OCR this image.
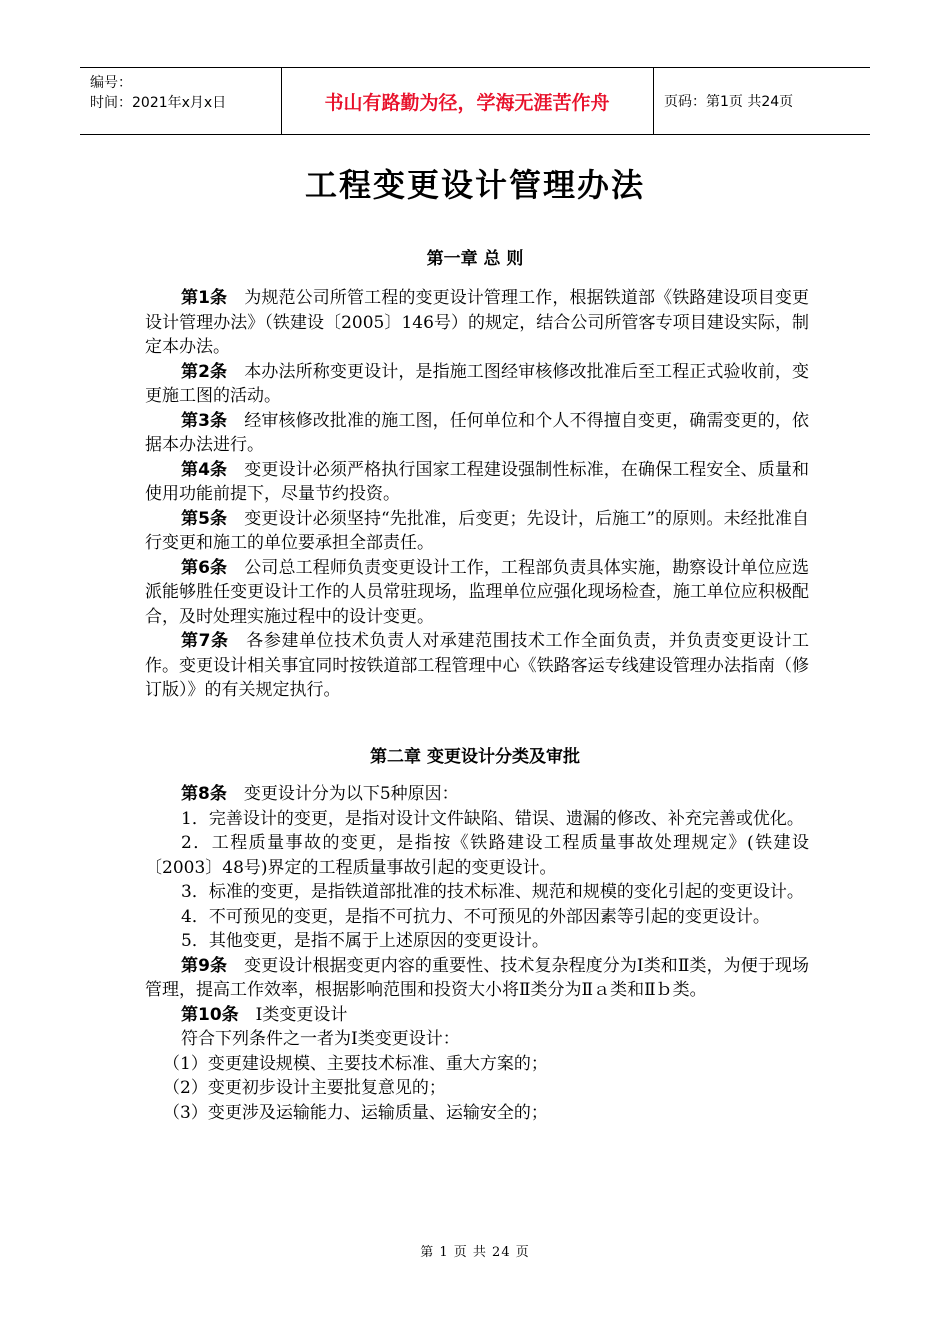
编号：
时间：2021年x月x日	书山有路勤为径，学海无涯苦作舟	页码：第1页 共24页
工程变更设计管理办法
第一章 总 则

第1条  为规范公司所管工程的变更设计管理工作，根据铁道部《铁路建设项目变更设计管理办法》（铁建设〔2005〕146号）的规定，结合公司所管客专项目建设实际，制定本办法。

第2条  本办法所称变更设计，是指施工图经审核修改批准后至工程正式验收前，变更施工图的活动。

第3条  经审核修改批准的施工图，任何单位和个人不得擅自变更，确需变更的，依据本办法进行。

第4条  变更设计必须严格执行国家工程建设强制性标准，在确保工程安全、质量和使用功能前提下，尽量节约投资。

第5条  变更设计必须坚持“先批准，后变更；先设计，后施工”的原则。未经批准自行变更和施工的单位要承担全部责任。

第6条  公司总工程师负责变更设计工作，工程部负责具体实施，勘察设计单位应选派能够胜任变更设计工作的人员常驻现场，监理单位应强化现场检查，施工单位应积极配合，及时处理实施过程中的设计变更。

第7条  各参建单位技术负责人对承建范围技术工作全面负责，并负责变更设计工作。变更设计相关事宜同时按铁道部工程管理中心《铁路客运专线建设管理办法指南（修订版）》的有关规定执行。

第二章 变更设计分类及审批

第8条  变更设计分为以下5种原因：

1．完善设计的变更，是指对设计文件缺陷、错误、遗漏的修改、补充完善或优化。

2．工程质量事故的变更，是指按《铁路建设工程质量事故处理规定》(铁建设〔2003〕48号)界定的工程质量事故引起的变更设计。

3．标准的变更，是指铁道部批准的技术标准、规范和规模的变化引起的变更设计。

4．不可预见的变更，是指不可抗力、不可预见的外部因素等引起的变更设计。

5．其他变更，是指不属于上述原因的变更设计。

第9条  变更设计根据变更内容的重要性、技术复杂程度分为Ⅰ类和Ⅱ类，为便于现场管理，提高工作效率，根据影响范围和投资大小将Ⅱ类分为Ⅱａ类和Ⅱｂ类。

第10条  Ⅰ类变更设计

符合下列条件之一者为Ⅰ类变更设计：

（1）变更建设规模、主要技术标准、重大方案的；

（2）变更初步设计主要批复意见的；

（3）变更涉及运输能力、运输质量、运输安全的；

第 1 页 共 24 页
